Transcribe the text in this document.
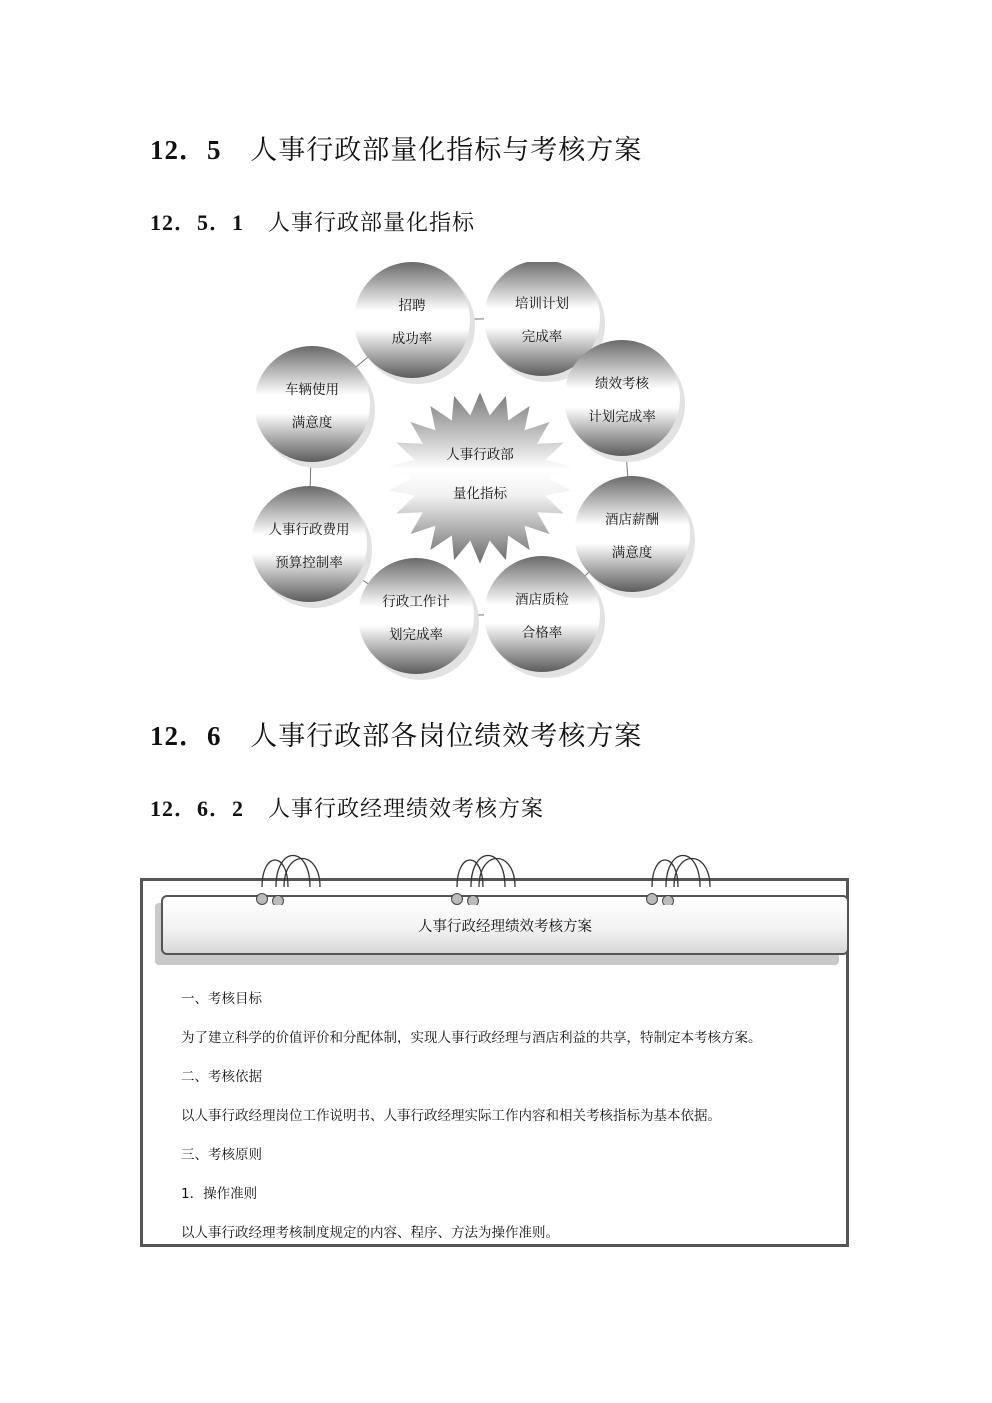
12．5 人事行政部量化指标与考核方案
12．5．1 人事行政部量化指标
人事行政部
量化指标
招聘
成功率
培训计划
完成率
绩效考核
计划完成率
酒店薪酬
满意度
酒店质检
合格率
行政工作计
划完成率
人事行政费用
预算控制率
车辆使用
满意度
12．6 人事行政部各岗位绩效考核方案
12．6．2 人事行政经理绩效考核方案
人事行政经理绩效考核方案
一、考核目标
为了建立科学的价值评价和分配体制，实现人事行政经理与酒店利益的共享，特制定本考核方案。
二、考核依据
以人事行政经理岗位工作说明书、人事行政经理实际工作内容和相关考核指标为基本依据。
三、考核原则
1．操作准则
以人事行政经理考核制度规定的内容、程序、方法为操作准则。
